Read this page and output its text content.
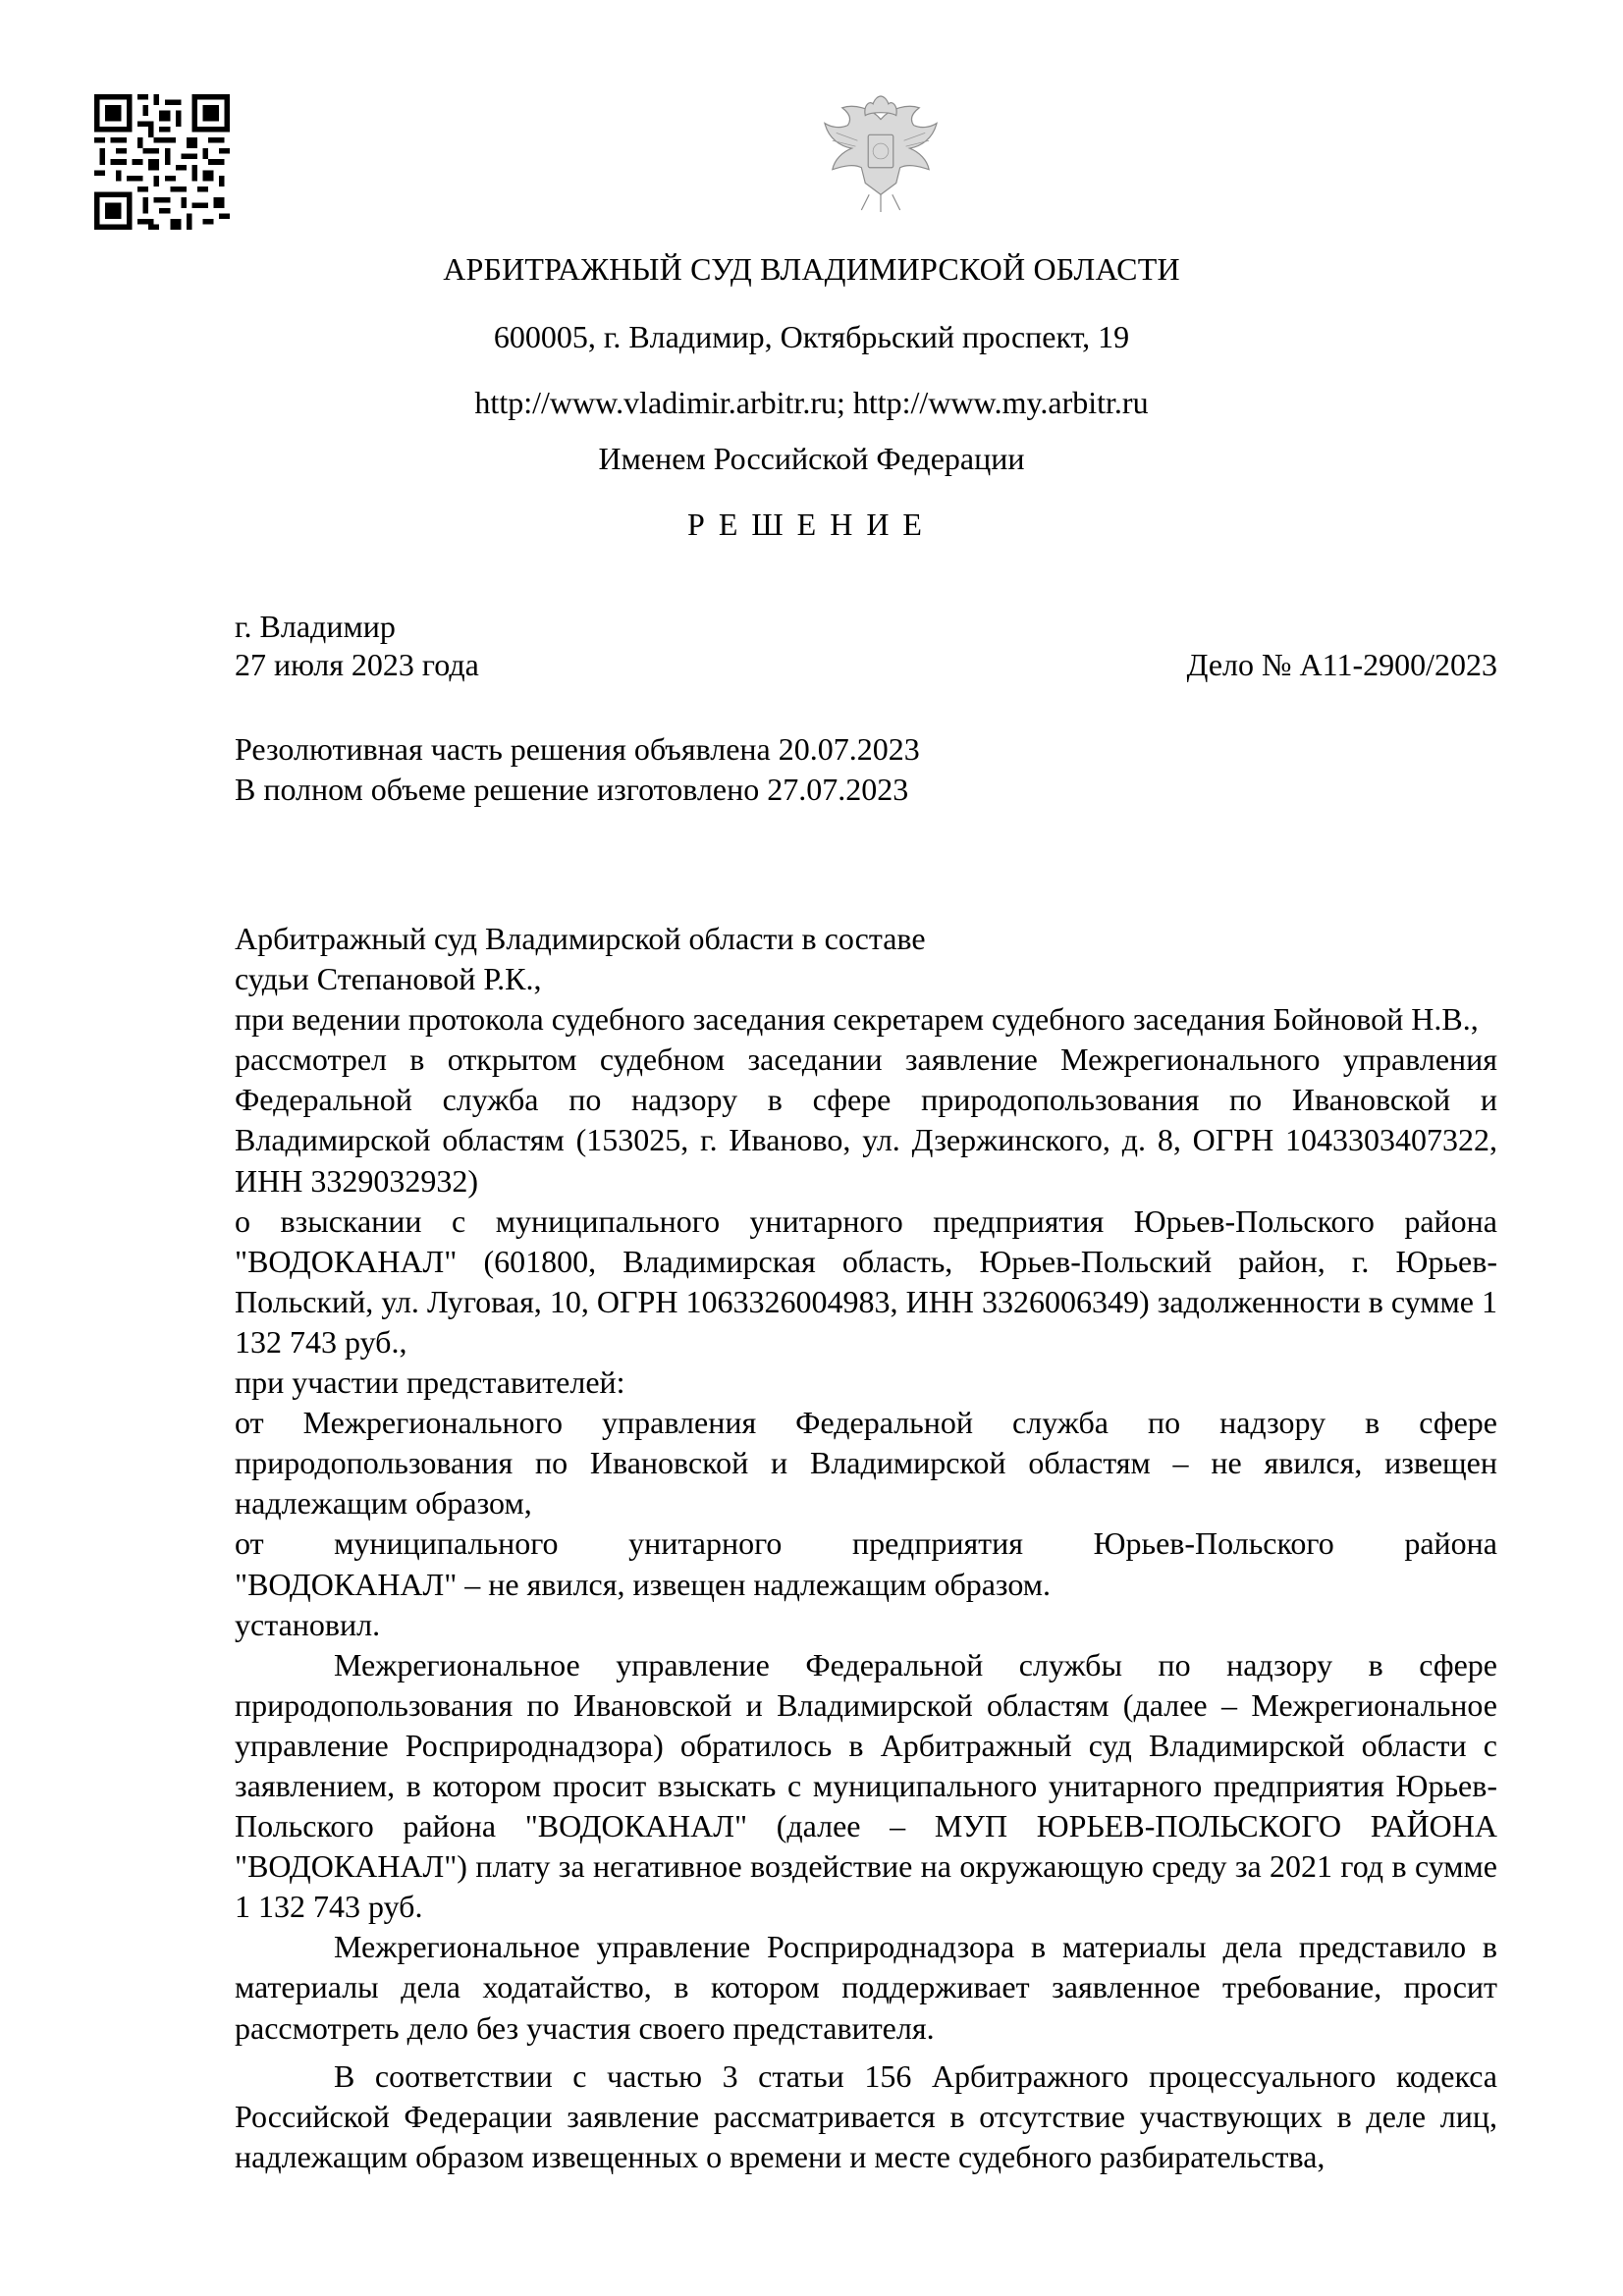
АРБИТРАЖНЫЙ СУД ВЛАДИМИРСКОЙ ОБЛАСТИ
600005, г. Владимир, Октябрьский проспект, 19
http://www.vladimir.arbitr.ru; http://www.my.arbitr.ru
Именем Российской Федерации
РЕШЕНИЕ
г. Владимир
27 июля 2023 года	Дело № А11-2900/2023
Резолютивная часть решения объявлена 20.07.2023
В полном объеме решение изготовлено 27.07.2023

Арбитражный суд Владимирской области в составе

судьи Степановой Р.К.,

при ведении протокола судебного заседания секретарем судебного заседания Бойновой Н.В.,

рассмотрел в открытом судебном заседании заявление Межрегионального управления Федеральной служба по надзору в сфере природопользования по Ивановской и Владимирской областям (153025, г. Иваново, ул. Дзержинского, д. 8, ОГРН 1043303407322, ИНН 3329032932)

о взыскании с муниципального унитарного предприятия Юрьев-Польского района "ВОДОКАНАЛ" (601800, Владимирская область, Юрьев-Польский район, г. Юрьев-Польский, ул. Луговая, 10, ОГРН 1063326004983, ИНН 3326006349) задолженности в сумме 1 132 743 руб.,

при участии представителей:

от Межрегионального управления Федеральной служба по надзору в сфере природопользования по Ивановской и Владимирской областям – не явился, извещен надлежащим образом,

от муниципального унитарного предприятия Юрьев-Польского района

"ВОДОКАНАЛ" – не явился, извещен надлежащим образом.

установил.

Межрегиональное управление Федеральной службы по надзору в сфере природопользования по Ивановской и Владимирской областям (далее – Межрегиональное управление Росприроднадзора) обратилось в Арбитражный суд Владимирской области с заявлением, в котором просит взыскать с муниципального унитарного предприятия Юрьев-Польского района "ВОДОКАНАЛ" (далее – МУП ЮРЬЕВ-ПОЛЬСКОГО РАЙОНА "ВОДОКАНАЛ") плату за негативное воздействие на окружающую среду за 2021 год в сумме 1 132 743 руб.

Межрегиональное управление Росприроднадзора в материалы дела представило в материалы дела ходатайство, в котором поддерживает заявленное требование, просит рассмотреть дело без участия своего представителя.

В соответствии с частью 3 статьи 156 Арбитражного процессуального кодекса Российской Федерации заявление рассматривается в отсутствие участвующих в деле лиц, надлежащим образом извещенных о времени и месте судебного разбирательства,
